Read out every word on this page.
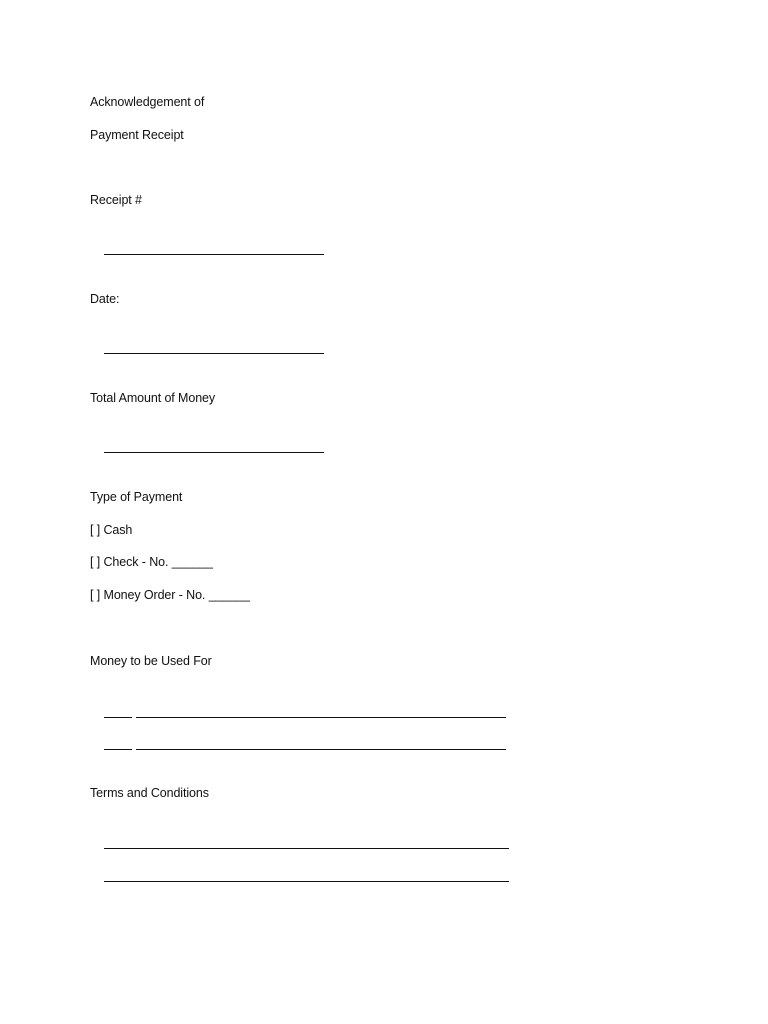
Acknowledgement of
Payment Receipt
Receipt #

Date:

Total Amount of Money

Type of Payment
[ ] Cash
[ ] Check - No. ______
[ ] Money Order - No. ______
Money to be Used For

Terms and Conditions
